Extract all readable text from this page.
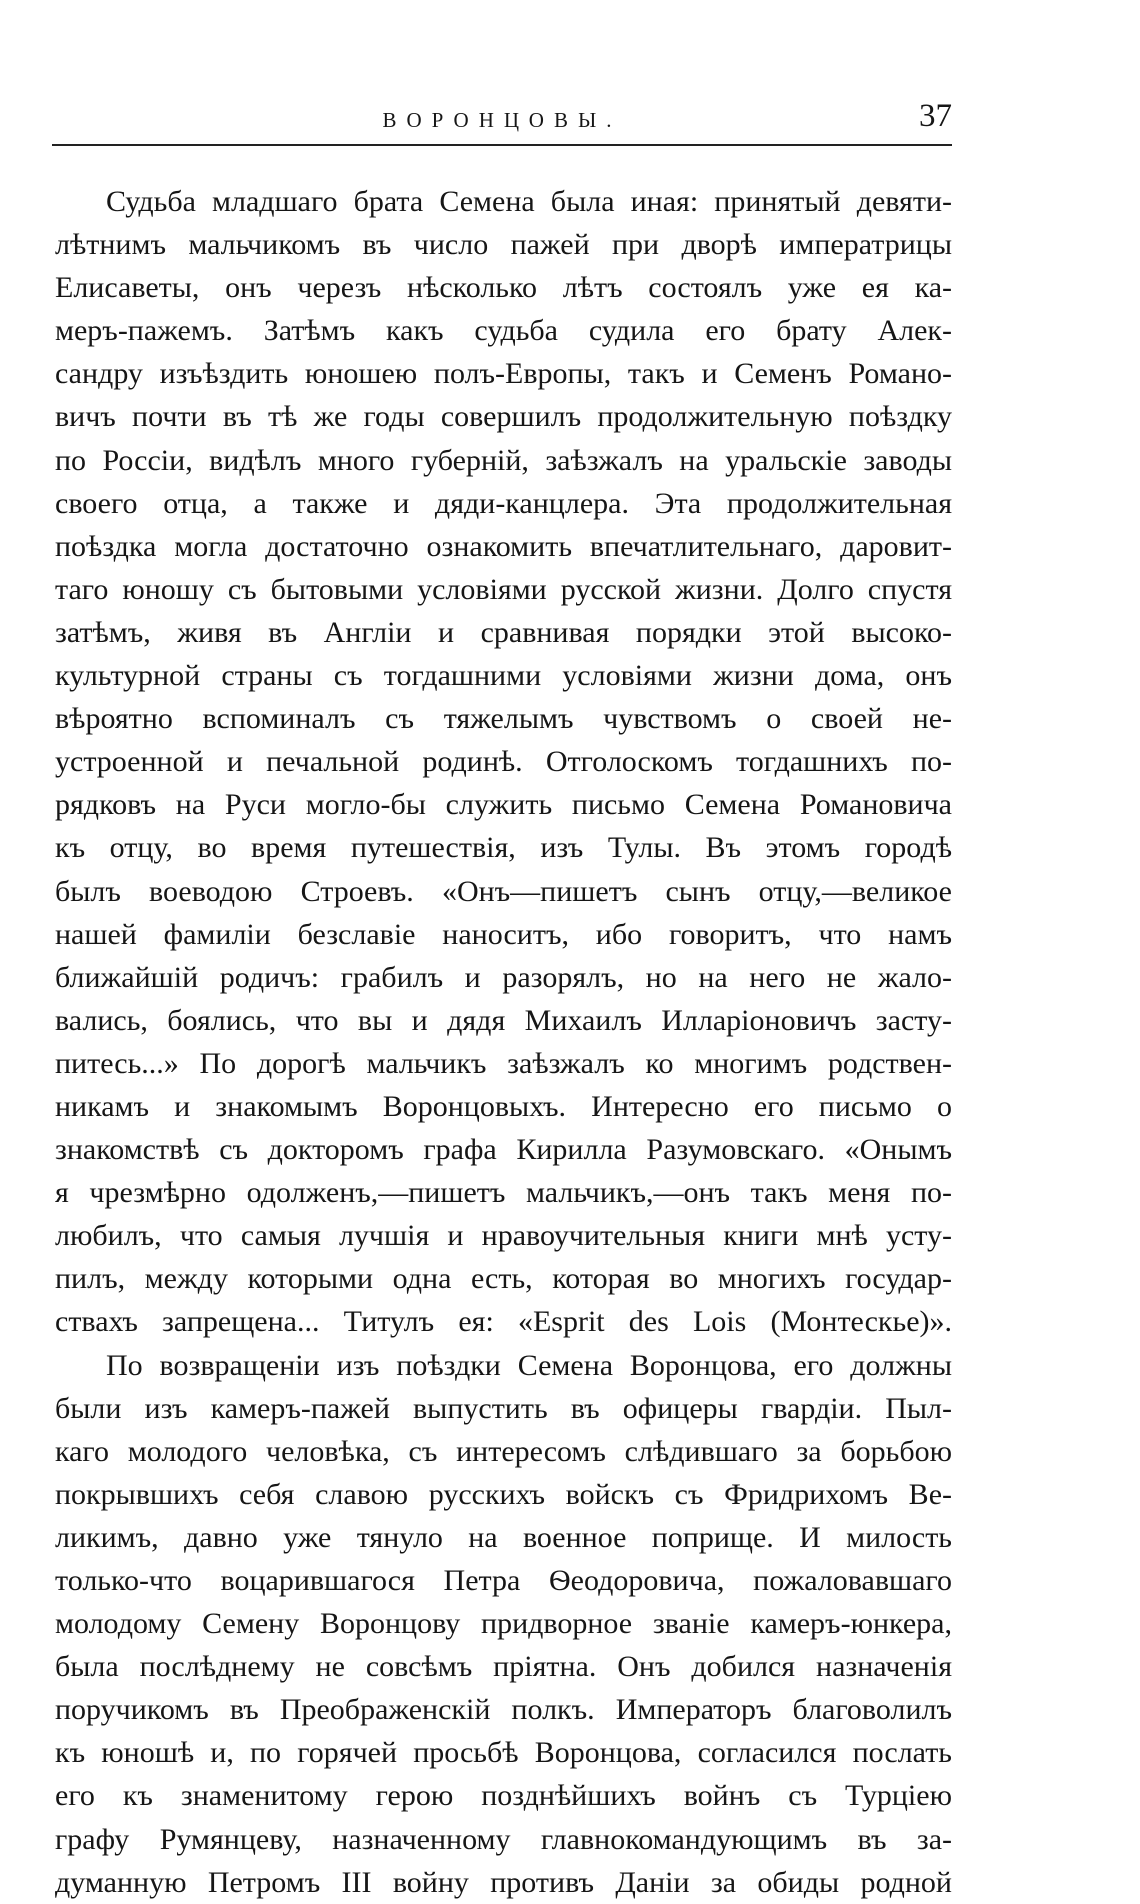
ВОРОНЦОВЫ.	37
Судьба младшаго брата Семена была иная: принятый девяти-
лѣтнимъ мальчикомъ въ число пажей при дворѣ императрицы
Елисаветы, онъ черезъ нѣсколько лѣтъ состоялъ уже ея ка-
меръ-пажемъ. Затѣмъ какъ судьба судила его брату Алек-
сандру изъѣздить юношею полъ-Европы, такъ и Семенъ Романо-
вичъ почти въ тѣ же годы совершилъ продолжительную поѣздку
по Россіи, видѣлъ много губерній, заѣзжалъ на уральскіе заводы
своего отца, а также и дяди-канцлера. Эта продолжительная
поѣздка могла достаточно ознакомить впечатлительнаго, даровит-
таго юношу съ бытовыми условіями русской жизни. Долго спустя
затѣмъ, живя въ Англіи и сравнивая порядки этой высоко-
культурной страны съ тогдашними условіями жизни дома, онъ
вѣроятно вспоминалъ съ тяжелымъ чувствомъ о своей не-
устроенной и печальной родинѣ. Отголоскомъ тогдашнихъ по-
рядковъ на Руси могло-бы служить письмо Семена Романовича
къ отцу, во время путешествія, изъ Тулы. Въ этомъ городѣ
былъ воеводою Строевъ. «Онъ—пишетъ сынъ отцу,—великое
нашей фамиліи безславіе наноситъ, ибо говоритъ, что намъ
ближайшій родичъ: грабилъ и разорялъ, но на него не жало-
вались, боялись, что вы и дядя Михаилъ Илларіоновичъ засту-
питесь...» По дорогѣ мальчикъ заѣзжалъ ко многимъ родствен-
никамъ и знакомымъ Воронцовыхъ. Интересно его письмо о
знакомствѣ съ докторомъ графа Кирилла Разумовскаго. «Онымъ
я чрезмѣрно одолженъ,—пишетъ мальчикъ,—онъ такъ меня по-
любилъ, что самыя лучшія и нравоучительныя книги мнѣ усту-
пилъ, между которыми одна есть, которая во многихъ государ-
ствахъ запрещена... Титулъ ея: «Esprit des Lois (Монтескье)».
По возвращеніи изъ поѣздки Семена Воронцова, его должны
были изъ камеръ-пажей выпустить въ офицеры гвардіи. Пыл-
каго молодого человѣка, съ интересомъ слѣдившаго за борьбою
покрывшихъ себя славою русскихъ войскъ съ Фридрихомъ Ве-
ликимъ, давно уже тянуло на военное поприще. И милость
только-что воцарившагося Петра Ѳеодоровича, пожаловавшаго
молодому Семену Воронцову придворное званіе камеръ-юнкера,
была послѣднему не совсѣмъ пріятна. Онъ добился назначенія
поручикомъ въ Преображенскій полкъ. Императоръ благоволилъ
къ юношѣ и, по горячей просьбѣ Воронцова, согласился послать
его къ знаменитому герою позднѣйшихъ войнъ съ Турціею
графу Румянцеву, назначенному главнокомандующимъ въ за-
думанную Петромъ III войну противъ Даніи за обиды родной
